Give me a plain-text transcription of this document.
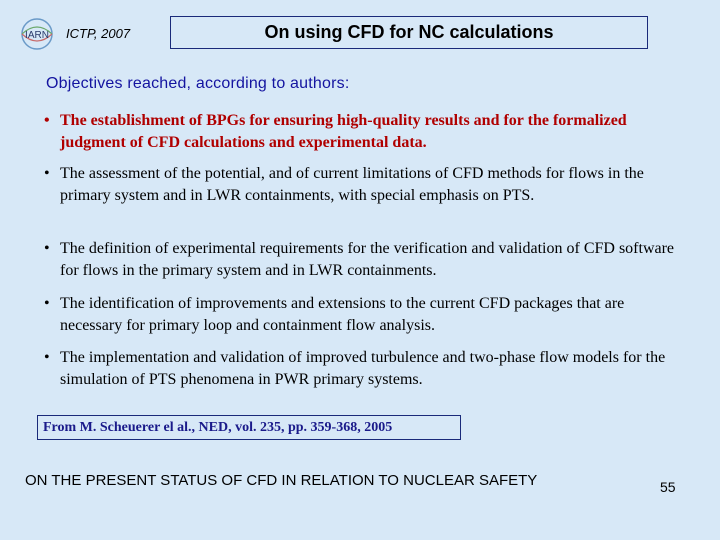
IARN ICTP, 2007	On using CFD for NC calculations
Objectives reached, according to authors:
• The establishment of BPGs for ensuring high-quality results and for the formalized judgment of CFD calculations and experimental data.
• The assessment of the potential, and of current limitations of CFD methods for flows in the primary system and in LWR containments, with special emphasis on PTS.
• The definition of experimental requirements for the verification and validation of CFD software for flows in the primary system and in LWR containments.
• The identification of improvements and extensions to the current CFD packages that are necessary for primary loop and containment flow analysis.
• The implementation and validation of improved turbulence and two-phase flow models for the simulation of PTS phenomena in PWR primary systems.
From M. Scheuerer el al., NED, vol. 235, pp. 359-368, 2005
ON THE PRESENT STATUS OF CFD IN RELATION TO NUCLEAR SAFETY	55
